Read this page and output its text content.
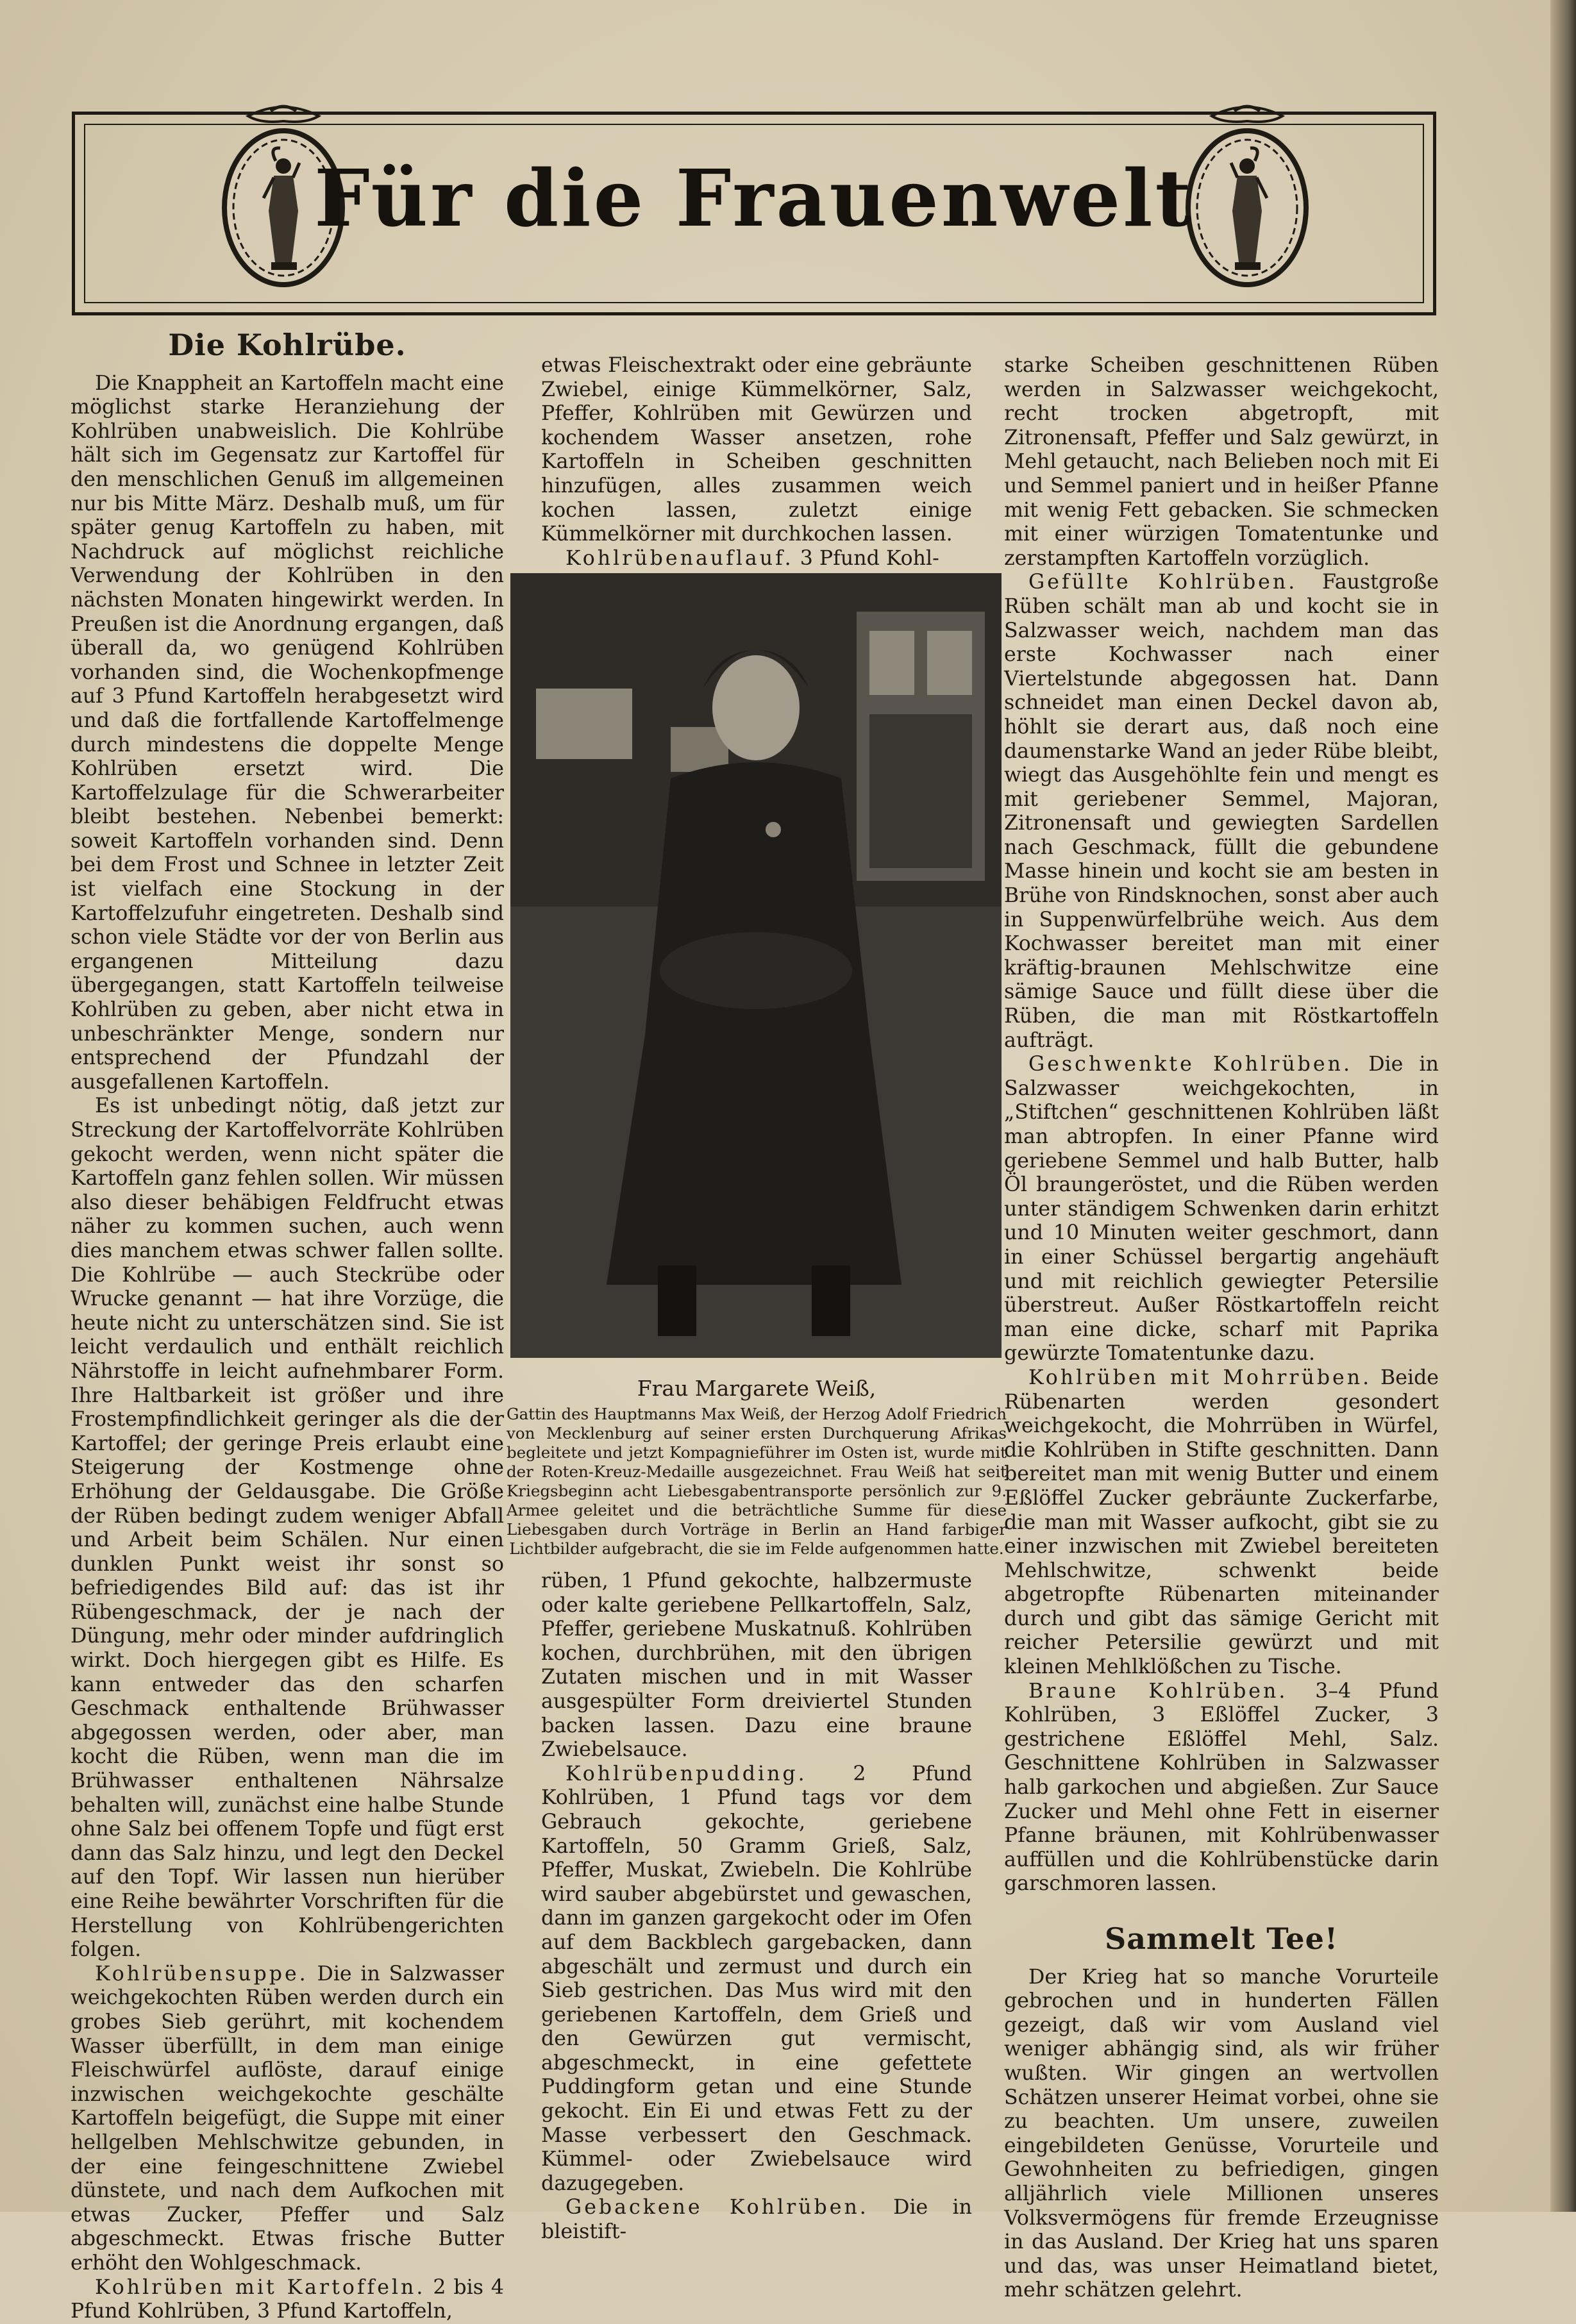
Für die Frauenwelt
Die Kohlrübe.

Die Knappheit an Kartoffeln macht eine möglichst starke Heranziehung der Kohlrüben unabweislich. Die Kohlrübe hält sich im Gegensatz zur Kartoffel für den menschlichen Genuß im allgemeinen nur bis Mitte März. Deshalb muß, um für später genug Kartoffeln zu haben, mit Nachdruck auf möglichst reichliche Verwendung der Kohlrüben in den nächsten Monaten hingewirkt werden. In Preußen ist die Anordnung ergangen, daß überall da, wo genügend Kohlrüben vorhanden sind, die Wochenkopfmenge auf 3 Pfund Kartoffeln herabgesetzt wird und daß die fortfallende Kartoffelmenge durch mindestens die doppelte Menge Kohlrüben ersetzt wird. Die Kartoffelzulage für die Schwerarbeiter bleibt bestehen. Nebenbei bemerkt: soweit Kartoffeln vorhanden sind. Denn bei dem Frost und Schnee in letzter Zeit ist vielfach eine Stockung in der Kartoffelzufuhr eingetreten. Deshalb sind schon viele Städte vor der von Berlin aus ergangenen Mitteilung dazu übergegangen, statt Kartoffeln teilweise Kohlrüben zu geben, aber nicht etwa in unbeschränkter Menge, sondern nur entsprechend der Pfundzahl der ausgefallenen Kartoffeln.

Es ist unbedingt nötig, daß jetzt zur Streckung der Kartoffelvorräte Kohlrüben gekocht werden, wenn nicht später die Kartoffeln ganz fehlen sollen. Wir müssen also dieser behäbigen Feldfrucht etwas näher zu kommen suchen, auch wenn dies manchem etwas schwer fallen sollte. Die Kohlrübe — auch Steckrübe oder Wrucke genannt — hat ihre Vorzüge, die heute nicht zu unterschätzen sind. Sie ist leicht verdaulich und enthält reichlich Nährstoffe in leicht aufnehmbarer Form. Ihre Haltbarkeit ist größer und ihre Frostempfindlichkeit geringer als die der Kartoffel; der geringe Preis erlaubt eine Steigerung der Kostmenge ohne Erhöhung der Geldausgabe. Die Größe der Rüben bedingt zudem weniger Abfall und Arbeit beim Schälen. Nur einen dunklen Punkt weist ihr sonst so befriedigendes Bild auf: das ist ihr Rübengeschmack, der je nach der Düngung, mehr oder minder aufdringlich wirkt. Doch hiergegen gibt es Hilfe. Es kann entweder das den scharfen Geschmack enthaltende Brühwasser abgegossen werden, oder aber, man kocht die Rüben, wenn man die im Brühwasser enthaltenen Nährsalze behalten will, zunächst eine halbe Stunde ohne Salz bei offenem Topfe und fügt erst dann das Salz hinzu, und legt den Deckel auf den Topf. Wir lassen nun hierüber eine Reihe bewährter Vorschriften für die Herstellung von Kohlrübengerichten folgen.

Kohlrübensuppe. Die in Salzwasser weichgekochten Rüben werden durch ein grobes Sieb gerührt, mit kochendem Wasser überfüllt, in dem man einige Fleischwürfel auflöste, darauf einige inzwischen weichgekochte geschälte Kartoffeln beigefügt, die Suppe mit einer hellgelben Mehlschwitze gebunden, in der eine feingeschnittene Zwiebel dünstete, und nach dem Aufkochen mit etwas Zucker, Pfeffer und Salz abgeschmeckt. Etwas frische Butter erhöht den Wohlgeschmack.

Kohlrüben mit Kartoffeln. 2 bis 4 Pfund Kohlrüben, 3 Pfund Kartoffeln,

etwas Fleischextrakt oder eine gebräunte Zwiebel, einige Kümmelkörner, Salz, Pfeffer, Kohlrüben mit Gewürzen und kochendem Wasser ansetzen, rohe Kartoffeln in Scheiben geschnitten hinzufügen, alles zusammen weich kochen lassen, zuletzt einige Kümmelkörner mit durchkochen lassen.

Kohlrübenauflauf. 3 Pfund Kohl-

Frau Margarete Weiß,
Gattin des Hauptmanns Max Weiß, der Herzog Adolf Friedrich von Mecklenburg auf seiner ersten Durchquerung Afrikas begleitete und jetzt Kompagnieführer im Osten ist, wurde mit der Roten-Kreuz-Medaille ausgezeichnet. Frau Weiß hat seit Kriegsbeginn acht Liebesgabentransporte persönlich zur 9. Armee geleitet und die beträchtliche Summe für diese Liebesgaben durch Vorträge in Berlin an Hand farbiger Lichtbilder aufgebracht, die sie im Felde aufgenommen hatte.

rüben, 1 Pfund gekochte, halbzermuste oder kalte geriebene Pellkartoffeln, Salz, Pfeffer, geriebene Muskatnuß. Kohlrüben kochen, durchbrühen, mit den übrigen Zutaten mischen und in mit Wasser ausgespülter Form dreiviertel Stunden backen lassen. Dazu eine braune Zwiebelsauce.

Kohlrübenpudding. 2 Pfund Kohlrüben, 1 Pfund tags vor dem Gebrauch gekochte, geriebene Kartoffeln, 50 Gramm Grieß, Salz, Pfeffer, Muskat, Zwiebeln. Die Kohlrübe wird sauber abgebürstet und gewaschen, dann im ganzen gargekocht oder im Ofen auf dem Backblech gargebacken, dann abgeschält und zermust und durch ein Sieb gestrichen. Das Mus wird mit den geriebenen Kartoffeln, dem Grieß und den Gewürzen gut vermischt, abgeschmeckt, in eine gefettete Puddingform getan und eine Stunde gekocht. Ein Ei und etwas Fett zu der Masse verbessert den Geschmack. Kümmel- oder Zwiebelsauce wird dazugegeben.

Gebackene Kohlrüben. Die in bleistift-

starke Scheiben geschnittenen Rüben werden in Salzwasser weichgekocht, recht trocken abgetropft, mit Zitronensaft, Pfeffer und Salz gewürzt, in Mehl getaucht, nach Belieben noch mit Ei und Semmel paniert und in heißer Pfanne mit wenig Fett gebacken. Sie schmecken mit einer würzigen Tomatentunke und zerstampften Kartoffeln vorzüglich.

Gefüllte Kohlrüben. Faustgroße Rüben schält man ab und kocht sie in Salzwasser weich, nachdem man das erste Kochwasser nach einer Viertelstunde abgegossen hat. Dann schneidet man einen Deckel davon ab, höhlt sie derart aus, daß noch eine daumenstarke Wand an jeder Rübe bleibt, wiegt das Ausgehöhlte fein und mengt es mit geriebener Semmel, Majoran, Zitronensaft und gewiegten Sardellen nach Geschmack, füllt die gebundene Masse hinein und kocht sie am besten in Brühe von Rindsknochen, sonst aber auch in Suppenwürfelbrühe weich. Aus dem Kochwasser bereitet man mit einer kräftig-braunen Mehlschwitze eine sämige Sauce und füllt diese über die Rüben, die man mit Röstkartoffeln aufträgt.

Geschwenkte Kohlrüben. Die in Salzwasser weichgekochten, in „Stiftchen“ geschnittenen Kohlrüben läßt man abtropfen. In einer Pfanne wird geriebene Semmel und halb Butter, halb Öl braungeröstet, und die Rüben werden unter ständigem Schwenken darin erhitzt und 10 Minuten weiter geschmort, dann in einer Schüssel bergartig angehäuft und mit reichlich gewiegter Petersilie überstreut. Außer Röstkartoffeln reicht man eine dicke, scharf mit Paprika gewürzte Tomatentunke dazu.

Kohlrüben mit Mohrrüben. Beide Rübenarten werden gesondert weichgekocht, die Mohrrüben in Würfel, die Kohlrüben in Stifte geschnitten. Dann bereitet man mit wenig Butter und einem Eßlöffel Zucker gebräunte Zuckerfarbe, die man mit Wasser aufkocht, gibt sie zu einer inzwischen mit Zwiebel bereiteten Mehlschwitze, schwenkt beide abgetropfte Rübenarten miteinander durch und gibt das sämige Gericht mit reicher Petersilie gewürzt und mit kleinen Mehlklößchen zu Tische.

Braune Kohlrüben. 3–4 Pfund Kohlrüben, 3 Eßlöffel Zucker, 3 gestrichene Eßlöffel Mehl, Salz. Geschnittene Kohlrüben in Salzwasser halb garkochen und abgießen. Zur Sauce Zucker und Mehl ohne Fett in eiserner Pfanne bräunen, mit Kohlrübenwasser auffüllen und die Kohlrübenstücke darin garschmoren lassen.

Sammelt Tee!

Der Krieg hat so manche Vorurteile gebrochen und in hunderten Fällen gezeigt, daß wir vom Ausland viel weniger abhängig sind, als wir früher wußten. Wir gingen an wertvollen Schätzen unserer Heimat vorbei, ohne sie zu beachten. Um unsere, zuweilen eingebildeten Genüsse, Vorurteile und Gewohnheiten zu befriedigen, gingen alljährlich viele Millionen unseres Volksvermögens für fremde Erzeugnisse in das Ausland. Der Krieg hat uns sparen und das, was unser Heimatland bietet, mehr schätzen gelehrt.
